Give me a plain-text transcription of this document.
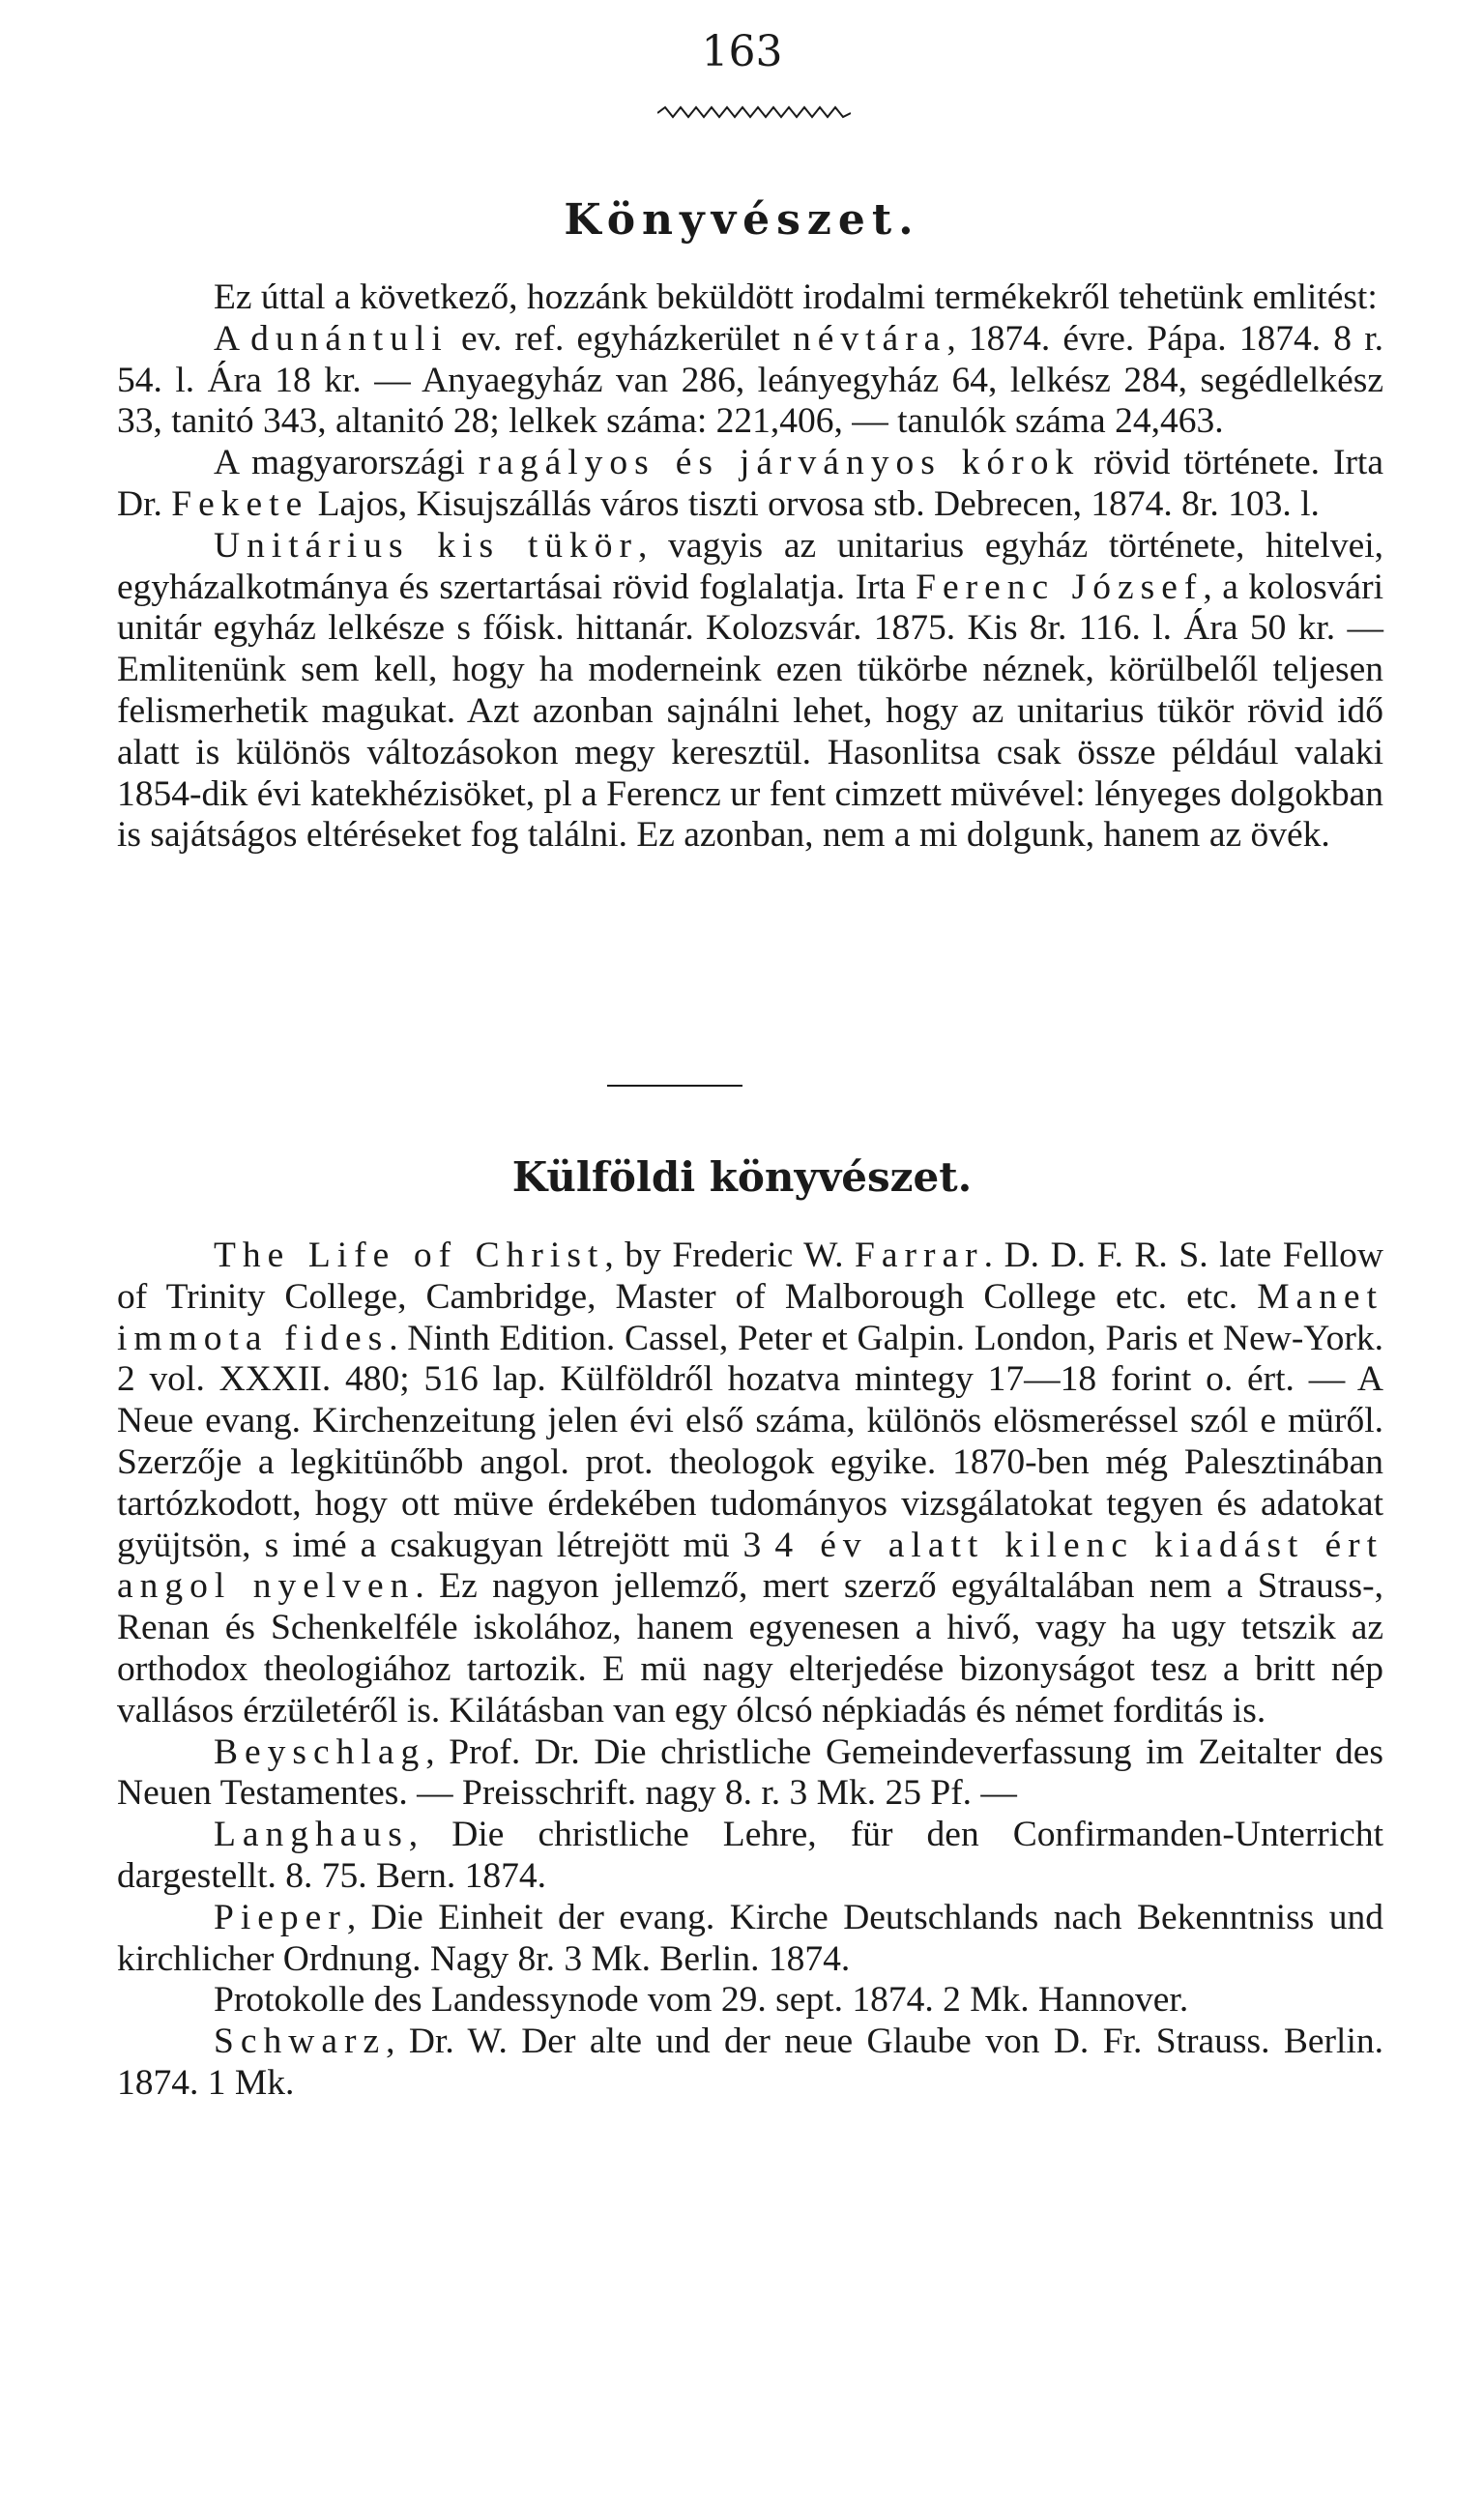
163
Könyvészet.

Ez úttal a következő, hozzánk beküldött irodalmi termékekről tehetünk emlitést:

A dunántuli ev. ref. egyházkerület névtára, 1874. évre. Pápa. 1874. 8 r. 54. l. Ára 18 kr. — Anyaegyház van 286, leányegyház 64, lelkész 284, segédlelkész 33, tanitó 343, altanitó 28; lelkek száma: 221,406, — tanulók száma 24,463.

A magyarországi ragályos és járványos kórok rövid története. Irta Dr. Fekete Lajos, Kisujszállás város tiszti orvosa stb. Debrecen, 1874. 8r. 103. l.

Unitárius kis tükör, vagyis az unitarius egyház története, hitelvei, egyházalkotmánya és szertartásai rövid foglalatja. Irta Ferenc József, a kolosvári unitár egyház lelkésze s főisk. hittanár. Kolozsvár. 1875. Kis 8r. 116. l. Ára 50 kr. — Emlitenünk sem kell, hogy ha moderneink ezen tükörbe néznek, körülbelől teljesen felismerhetik magukat. Azt azonban sajnálni lehet, hogy az unitarius tükör rövid idő alatt is különös változásokon megy keresztül. Hasonlitsa csak össze például valaki 1854-dik évi katekhézisöket, pl a Ferencz ur fent cimzett müvével: lényeges dolgokban is sajátságos eltéréseket fog találni. Ez azonban, nem a mi dolgunk, hanem az övék.

Külföldi könyvészet.

The Life of Christ, by Frederic W. Farrar. D. D. F. R. S. late Fellow of Trinity College, Cambridge, Master of Malborough College etc. etc. Manet immota fides. Ninth Edition. Cassel, Peter et Galpin. London, Paris et New-York. 2 vol. XXXII. 480; 516 lap. Külföldről hozatva mintegy 17—18 forint o. ért. — A Neue evang. Kirchenzeitung jelen évi első száma, különös elösmeréssel szól e müről. Szerzője a legkitünőbb angol. prot. theologok egyike. 1870-ben még Palesztinában tartózkodott, hogy ott müve érdekében tudományos vizsgálatokat tegyen és adatokat gyüjtsön, s imé a csakugyan létrejött mü 3 4 év alatt kilenc kiadást ért angol nyelven. Ez nagyon jellemző, mert szerző egyáltalában nem a Strauss-, Renan és Schenkelféle iskolához, hanem egyenesen a hivő, vagy ha ugy tetszik az orthodox theologiához tartozik. E mü nagy elterjedése bizonyságot tesz a britt nép vallásos érzületéről is. Kilátásban van egy ólcsó népkiadás és német forditás is.

Beyschlag, Prof. Dr. Die christliche Gemeindeverfassung im Zeitalter des Neuen Testamentes. — Preisschrift. nagy 8. r. 3 Mk. 25 Pf. —

Langhaus, Die christliche Lehre, für den Confirmanden-Unterricht dargestellt. 8. 75. Bern. 1874.

Pieper, Die Einheit der evang. Kirche Deutschlands nach Bekenntniss und kirchlicher Ordnung. Nagy 8r. 3 Mk. Berlin. 1874.

Protokolle des Landessynode vom 29. sept. 1874. 2 Mk. Hannover.

Schwarz, Dr. W. Der alte und der neue Glaube von D. Fr. Strauss. Berlin. 1874. 1 Mk.
